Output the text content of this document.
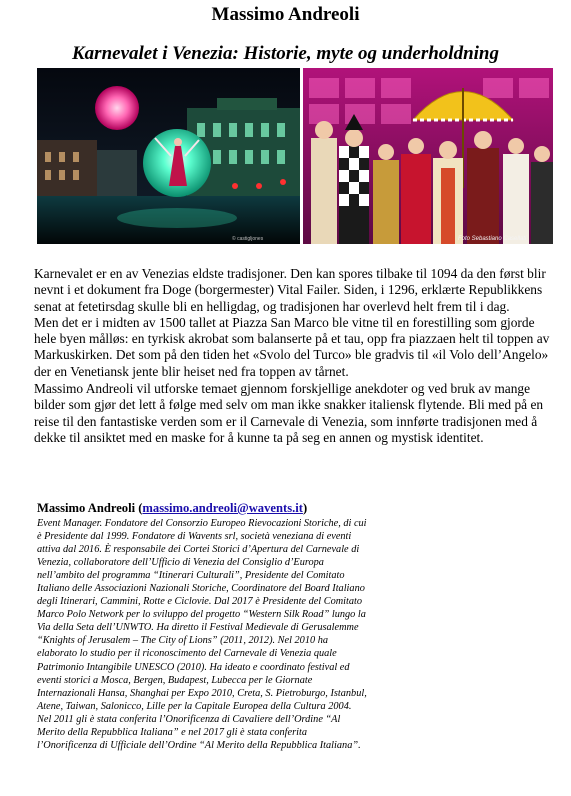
Massimo Andreoli
Karnevalet i Venezia: Historie, myte og underholdning
© castigljones	Foto Sebastiano Casellati

Karnevalet er en av Venezias eldste tradisjoner. Den kan spores tilbake til 1094 da den først blir nevnt i et dokument fra Doge (borgermester) Vital Failer. Siden, i 1296, erklærte Republikkens senat at fetetirsdag skulle bli en helligdag, og tradisjonen har overlevd helt frem til i dag.

Men det er i midten av 1500 tallet at Piazza San Marco ble vitne til en forestilling som gjorde hele byen målløs: en tyrkisk akrobat som balanserte på et tau, opp fra piazzaen helt til toppen av Markuskirken. Det som på den tiden het «Svolo del Turco» ble gradvis til «il Volo dell’Angelo» der en Venetiansk jente blir heiset ned fra toppen av tårnet.

Massimo Andreoli vil utforske temaet gjennom forskjellige anekdoter og ved bruk av mange bilder som gjør det lett å følge med selv om man ikke snakker italiensk flytende. Bli med på en reise til den fantastiske verden som er il Carnevale di Venezia, som innførte tradisjonen med å dekke til ansiktet med en maske for å kunne ta på seg en annen og mystisk identitet.
Massimo Andreoli (massimo.andreoli@wavents.it)

Event Manager. Fondatore del Consorzio Europeo Rievocazioni Storiche, di cui è Presidente dal 1999. Fondatore di Wavents srl, società veneziana di eventi attiva dal 2016. È responsabile dei Cortei Storici d’Apertura del Carnevale di Venezia, collaboratore dell’Ufficio di Venezia del Consiglio d’Europa nell’ambito del programma “Itinerari Culturali”, Presidente del Comitato Italiano delle Associazioni Nazionali Storiche, Coordinatore del Board Italiano degli Itinerari, Cammini, Rotte e Ciclovie. Dal 2017 è Presidente del Comitato Marco Polo Network per lo sviluppo del progetto “Western Silk Road” lungo la Via della Seta dell’UNWTO. Ha diretto il Festival Medievale di Gerusalemme “Knights of Jerusalem – The City of Lions” (2011, 2012). Nel 2010 ha elaborato lo studio per il riconoscimento del Carnevale di Venezia quale Patrimonio Intangibile UNESCO (2010). Ha ideato e coordinato festival ed eventi storici a Mosca, Bergen, Budapest, Lubecca per le Giornate Internazionali Hansa, Shanghai per Expo 2010, Creta, S. Pietroburgo, Istanbul, Atene, Taiwan, Salonicco, Lille per la Capitale Europea della Cultura 2004.

Nel 2011 gli è stata conferita l’Onorificenza di Cavaliere dell’Ordine “Al Merito della Repubblica Italiana” e nel 2017 gli è stata conferita l’Onorificenza di Ufficiale dell’Ordine “Al Merito della Repubblica Italiana”.
